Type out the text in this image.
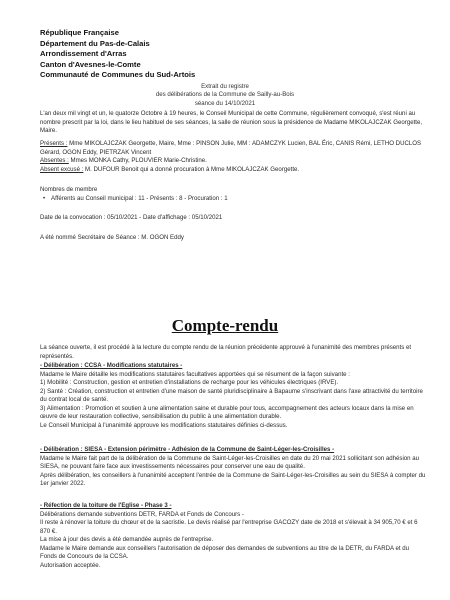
République Française
Département du Pas-de-Calais
Arrondissement d'Arras
Canton d'Avesnes-le-Comte
Communauté de Communes du Sud-Artois
Extrait du registre
des délibérations de la Commune de Sailly-au-Bois
séance du 14/10/2021

L'an deux mil vingt et un, le quatorze Octobre à 19 heures, le Conseil Municipal de cette Commune, régulièrement convoqué, s'est réuni au nombre prescrit par la loi, dans le lieu habituel de ses séances, la salle de réunion sous la présidence de Madame MIKOLAJCZAK Georgette, Maire.

Présents : Mme MIKOLAJCZAK Georgette, Maire, Mme : PINSON Julie, MM : ADAMCZYK Lucien, BAL Éric, CANIS Rémi, LETHO DUCLOS Gérard, OGON Eddy, PIETRZAK Vincent

Absentes : Mmes MONKA Cathy, PLOUVIER Marie-Christine.

Absent excusé : M. DUFOUR Benoit qui a donné procuration à Mme MIKOLAJCZAK Georgette.

Nombres de membre

• Afférents au Conseil municipal : 11 - Présents : 8 - Procuration : 1

Date de la convocation : 05/10/2021 - Date d'affichage : 05/10/2021

A été nommé Secrétaire de Séance : M. OGON Eddy

Compte-rendu

La séance ouverte, il est procédé à la lecture du compte rendu de la réunion précédente approuvé à l'unanimité des membres présents et représentés.

- Délibération : CCSA - Modifications statutaires -

Madame le Maire détaille les modifications statutaires facultatives apportées qui se résument de la façon suivante :

1) Mobilité : Construction, gestion et entretien d'installations de recharge pour les véhicules électriques (IRVE).

2) Santé : Création, construction et entretien d'une maison de santé pluridisciplinaire à Bapaume s'inscrivant dans l'axe attractivité du territoire du contrat local de santé.

3) Alimentation : Promotion et soutien à une alimentation saine et durable pour tous, accompagnement des acteurs locaux dans la mise en œuvre de leur restauration collective, sensibilisation du public à une alimentation durable.

Le Conseil Municipal à l'unanimité approuve les modifications statutaires définies ci-dessus.

- Délibération : SIESA - Extension périmètre - Adhésion de la Commune de Saint-Léger-les-Croisilles -

Madame le Maire fait part de la délibération de la Commune de Saint-Léger-les-Croisilles en date du 20 mai 2021 sollicitant son adhésion au SIESA, ne pouvant faire face aux investissements nécessaires pour conserver une eau de qualité.

Après délibération, les conseillers à l'unanimité acceptent l'entrée de la Commune de Saint-Léger-les-Croisilles au sein du SIESA à compter du 1er janvier 2022.

- Réfection de la toiture de l'Eglise - Phase 3 -

Délibérations demande subventions DETR, FARDA et Fonds de Concours -

Il reste à rénover la toiture du chœur et de la sacristie. Le devis réalisé par l'entreprise GACOZY date de 2018 et s'élevait à 34 905,70 € et 6 870 €.

La mise à jour des devis a été demandée auprès de l'entreprise.

Madame le Maire demande aux conseillers l'autorisation de déposer des demandes de subventions au titre de la DETR, du FARDA et du Fonds de Concours de la CCSA.

Autorisation acceptée.
